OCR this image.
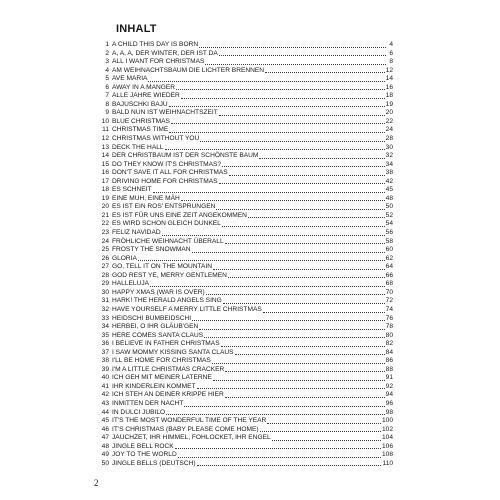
INHALT
1 A CHILD THIS DAY IS BORN	4
2 A, A, A, DER WINTER, DER IST DA	6
3 ALL I WANT FOR CHRISTMAS	8
4 AM WEIHNACHTSBAUM DIE LICHTER BRENNEN	12
5 AVE MARIA	14
6 AWAY IN A MANGER	16
7 ALLE JAHRE WIEDER	18
8 BAJUSCHKI BAJU	19
9 BALD NUN IST WEIHNACHTSZEIT	20
10 BLUE CHRISTMAS	22
11 CHRISTMAS TIME	24
12 CHRISTMAS WITHOUT YOU	28
13 DECK THE HALL	30
14 DER CHRISTBAUM IST DER SCHÖNSTE BAUM	32
15 DO THEY KNOW IT'S CHRISTMAS?	34
16 DON'T SAVE IT ALL FOR CHRISTMAS	38
17 DRIVING HOME FOR CHRISTMAS	42
18 ES SCHNEIT	45
19 EINE MUH, EINE MÄH	48
20 ES IST EIN ROS' ENTSPRUNGEN	50
21 ES IST FÜR UNS EINE ZEIT ANGEKOMMEN	52
22 ES WIRD SCHON GLEICH DUNKEL	54
23 FELIZ NAVIDAD	56
24 FRÖHLICHE WEIHNACHT ÜBERALL	58
25 FROSTY THE SNOWMAN	60
26 GLORIA	62
27 GO, TELL IT ON THE MOUNTAIN	64
28 GOD REST YE, MERRY GENTLEMEN	66
29 HALLELUJA	68
30 HAPPY XMAS (WAR IS OVER)	70
31 HARK! THE HERALD ANGELS SING	72
32 HAVE YOURSELF A MERRY LITTLE CHRISTMAS	74
33 HEIDSCHI BUMBEIDSCHI	76
34 HERBEI, O IHR GLÄUB'GEN	78
35 HERE COMES SANTA CLAUS	80
36 I BELIEVE IN FATHER CHRISTMAS	82
37 I SAW MOMMY KISSING SANTA CLAUS	84
38 I'LL BE HOME FOR CHRISTMAS	86
39 I'M A LITTLE CHRISTMAS CRACKER	88
40 ICH GEH MIT MEINER LATERNE	91
41 IHR KINDERLEIN KOMMET	92
42 ICH STEH AN DEINER KRIPPE HIER	94
43 INMITTEN DER NACHT	96
44 IN DULCI JUBILO	98
45 IT'S THE MOST WONDERFUL TIME OF THE YEAR	100
46 IT'S CHRISTMAS (BABY PLEASE COME HOME)	102
47 JAUCHZET, IHR HIMMEL, FOHLOCKET, IHR ENGEL	104
48 JINGLE BELL ROCK	106
49 JOY TO THE WORLD	108
50 JINGLE BELLS (DEUTSCH)	110
2
